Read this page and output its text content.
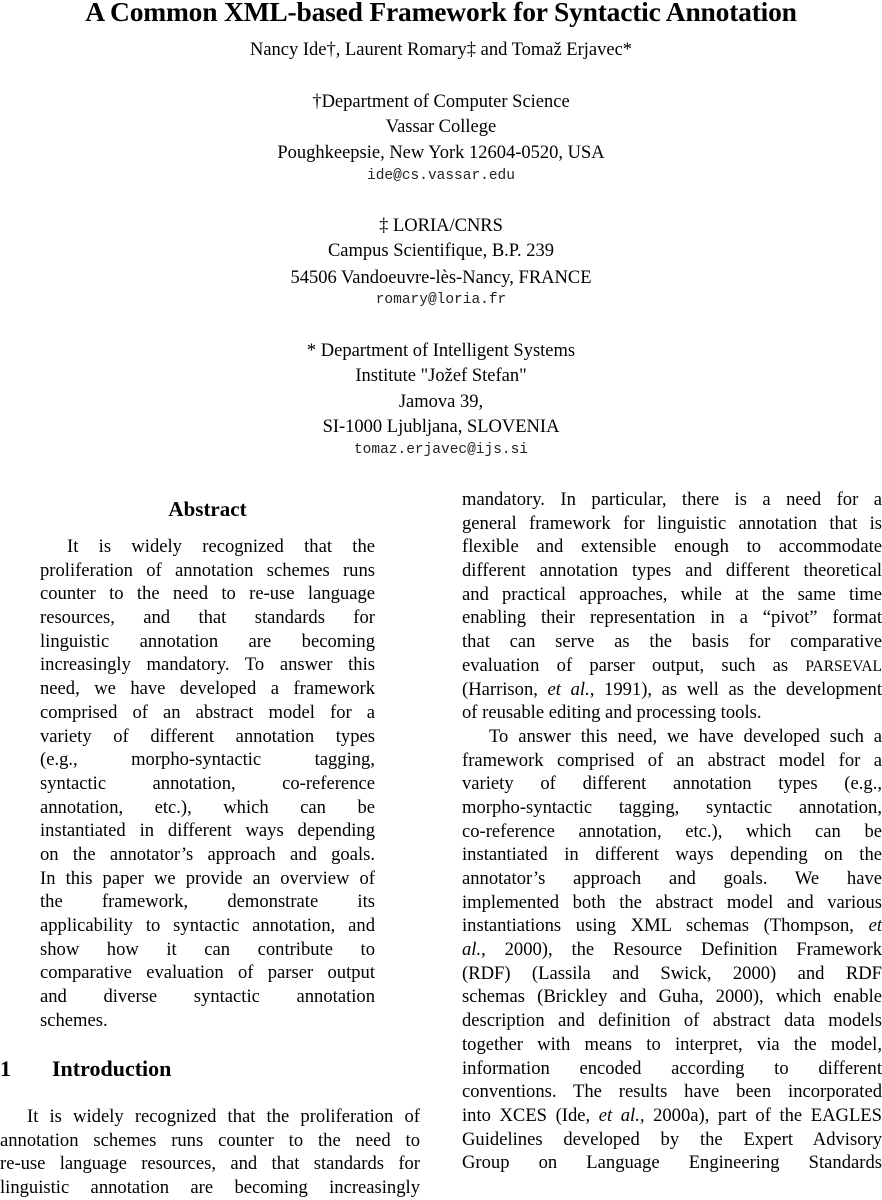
A Common XML-based Framework for Syntactic Annotation
Nancy Ide†, Laurent Romary‡ and Tomaž Erjavec*
†Department of Computer Science
Vassar College
Poughkeepsie, New York 12604-0520, USA
ide@cs.vassar.edu
‡ LORIA/CNRS
Campus Scientifique, B.P. 239
54506 Vandoeuvre-lès-Nancy, FRANCE
romary@loria.fr
* Department of Intelligent Systems
Institute "Jožef Stefan"
Jamova 39,
SI-1000 Ljubljana, SLOVENIA
tomaz.erjavec@ijs.si
Abstract
It is widely recognized that the
proliferation of annotation schemes runs
counter to the need to re-use language
resources, and that standards for
linguistic annotation are becoming
increasingly mandatory. To answer this
need, we have developed a framework
comprised of an abstract model for a
variety of different annotation types
(e.g., morpho-syntactic tagging,
syntactic annotation, co-reference
annotation, etc.), which can be
instantiated in different ways depending
on the annotator’s approach and goals.
In this paper we provide an overview of
the framework, demonstrate its
applicability to syntactic annotation, and
show how it can contribute to
comparative evaluation of parser output
and diverse syntactic annotation
schemes.
1 Introduction
It is widely recognized that the proliferation of
annotation schemes runs counter to the need to
re-use language resources, and that standards for
linguistic annotation are becoming increasingly
mandatory. In particular, there is a need for a
general framework for linguistic annotation that is
flexible and extensible enough to accommodate
different annotation types and different theoretical
and practical approaches, while at the same time
enabling their representation in a “pivot” format
that can serve as the basis for comparative
evaluation of parser output, such as PARSEVAL
(Harrison, et al., 1991), as well as the development
of reusable editing and processing tools.
To answer this need, we have developed such a
framework comprised of an abstract model for a
variety of different annotation types (e.g.,
morpho-syntactic tagging, syntactic annotation,
co-reference annotation, etc.), which can be
instantiated in different ways depending on the
annotator’s approach and goals. We have
implemented both the abstract model and various
instantiations using XML schemas (Thompson, et
al., 2000), the Resource Definition Framework
(RDF) (Lassila and Swick, 2000) and RDF
schemas (Brickley and Guha, 2000), which enable
description and definition of abstract data models
together with means to interpret, via the model,
information encoded according to different
conventions. The results have been incorporated
into XCES (Ide, et al., 2000a), part of the EAGLES
Guidelines developed by the Expert Advisory
Group on Language Engineering Standards
